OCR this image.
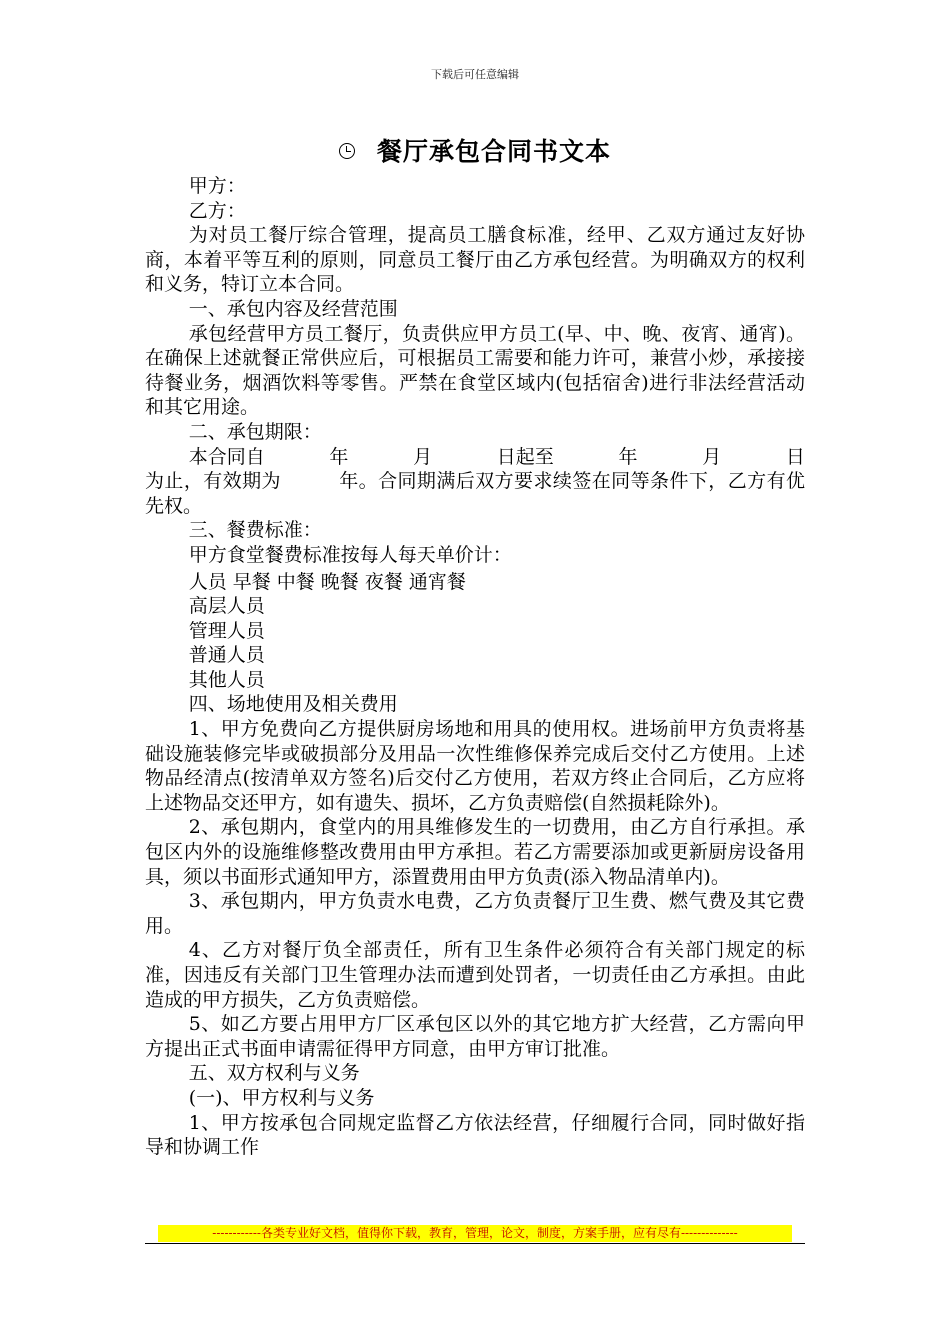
下载后可任意编辑
餐厅承包合同书文本

甲方：

乙方：

为对员工餐厅综合管理，提高员工膳食标准，经甲、乙双方通过友好协商，本着平等互利的原则，同意员工餐厅由乙方承包经营。为明确双方的权利和义务，特订立本合同。

一、承包内容及经营范围

承包经营甲方员工餐厅，负责供应甲方员工(早、中、晚、夜宵、通宵)。在确保上述就餐正常供应后，可根据员工需要和能力许可，兼营小炒，承接接待餐业务，烟酒饮料等零售。严禁在食堂区域内(包括宿舍)进行非法经营活动和其它用途。

二、承包期限：

本合同自	年	月	日起至	年	月	日

为止，有效期为　　　年。合同期满后双方要求续签在同等条件下，乙方有优先权。

三、餐费标准：

甲方食堂餐费标准按每人每天单价计：

人员 早餐 中餐 晚餐 夜餐 通宵餐

高层人员

管理人员

普通人员

其他人员

四、场地使用及相关费用

1、甲方免费向乙方提供厨房场地和用具的使用权。进场前甲方负责将基础设施装修完毕或破损部分及用品一次性维修保养完成后交付乙方使用。上述物品经清点(按清单双方签名)后交付乙方使用，若双方终止合同后，乙方应将上述物品交还甲方，如有遗失、损坏，乙方负责赔偿(自然损耗除外)。

2、承包期内，食堂内的用具维修发生的一切费用，由乙方自行承担。承包区内外的设施维修整改费用由甲方承担。若乙方需要添加或更新厨房设备用具，须以书面形式通知甲方，添置费用由甲方负责(添入物品清单内)。

3、承包期内，甲方负责水电费，乙方负责餐厅卫生费、燃气费及其它费用。

4、乙方对餐厅负全部责任，所有卫生条件必须符合有关部门规定的标准，因违反有关部门卫生管理办法而遭到处罚者，一切责任由乙方承担。由此造成的甲方损失，乙方负责赔偿。

5、如乙方要占用甲方厂区承包区以外的其它地方扩大经营，乙方需向甲方提出正式书面申请需征得甲方同意，由甲方审订批准。

五、双方权利与义务

(一)、甲方权利与义务

1、甲方按承包合同规定监督乙方依法经营，仔细履行合同，同时做好指导和协调工作

------------各类专业好文档，值得你下载，教育，管理，论文，制度，方案手册，应有尽有--------------
